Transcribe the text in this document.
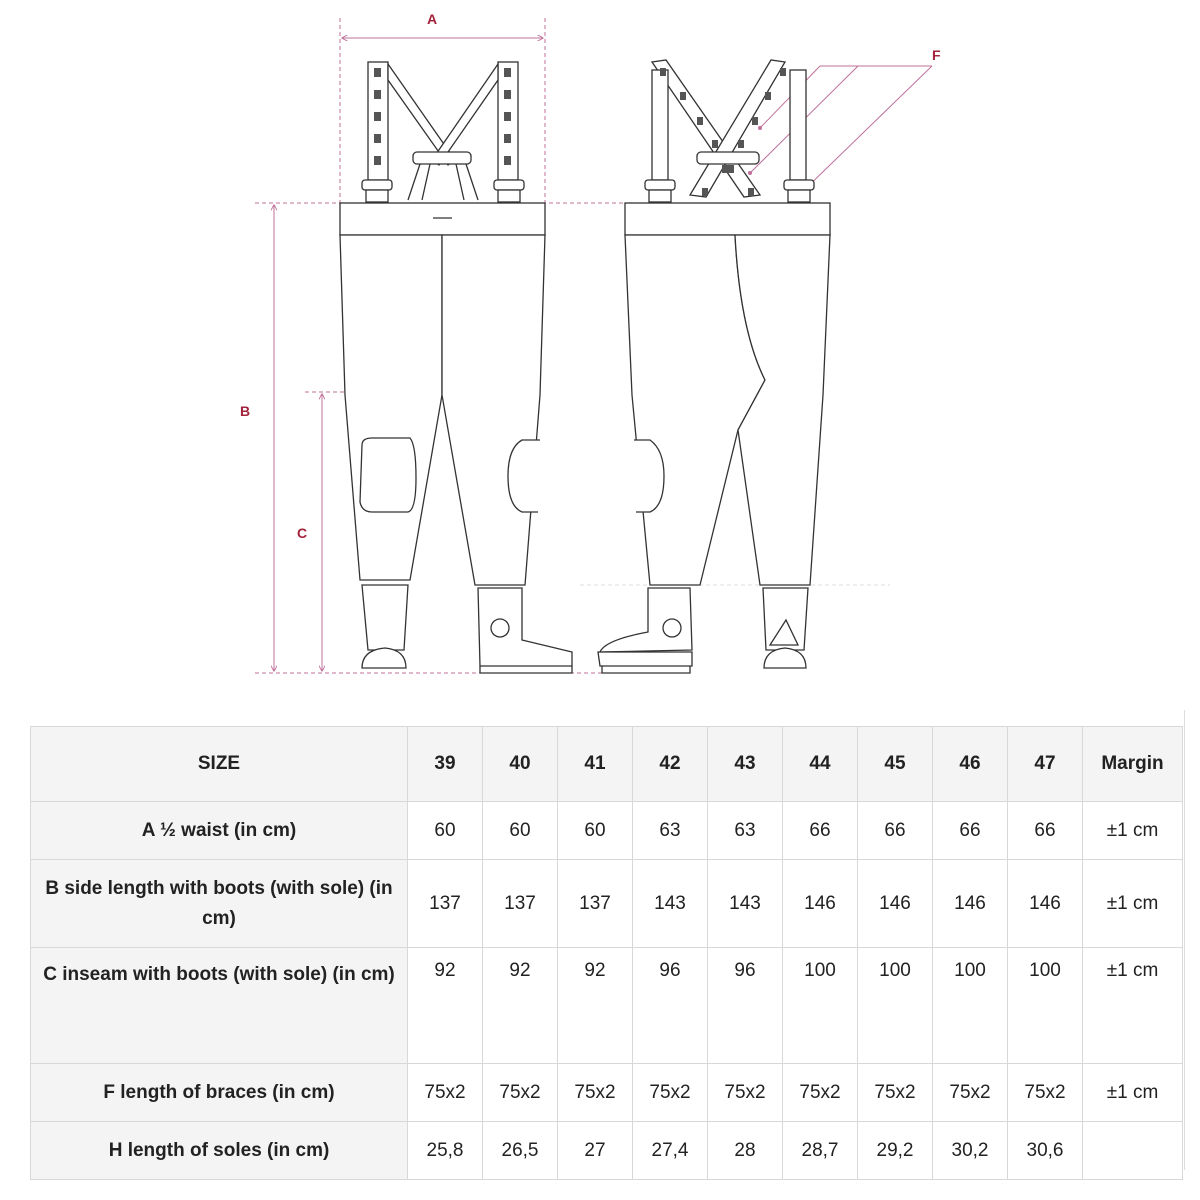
A
B
C
F
SIZE	39	40	41	42	43	44	45	46	47	Margin
A ½ waist (in cm)	60	60	60	63	63	66	66	66	66	±1 cm
B side length with boots (with sole) (in cm)	137	137	137	143	143	146	146	146	146	±1 cm
C inseam with boots (with sole) (in cm)	92	92	92	96	96	100	100	100	100	±1 cm
F length of braces (in cm)	75x2	75x2	75x2	75x2	75x2	75x2	75x2	75x2	75x2	±1 cm
H length of soles (in cm)	25,8	26,5	27	27,4	28	28,7	29,2	30,2	30,6	
